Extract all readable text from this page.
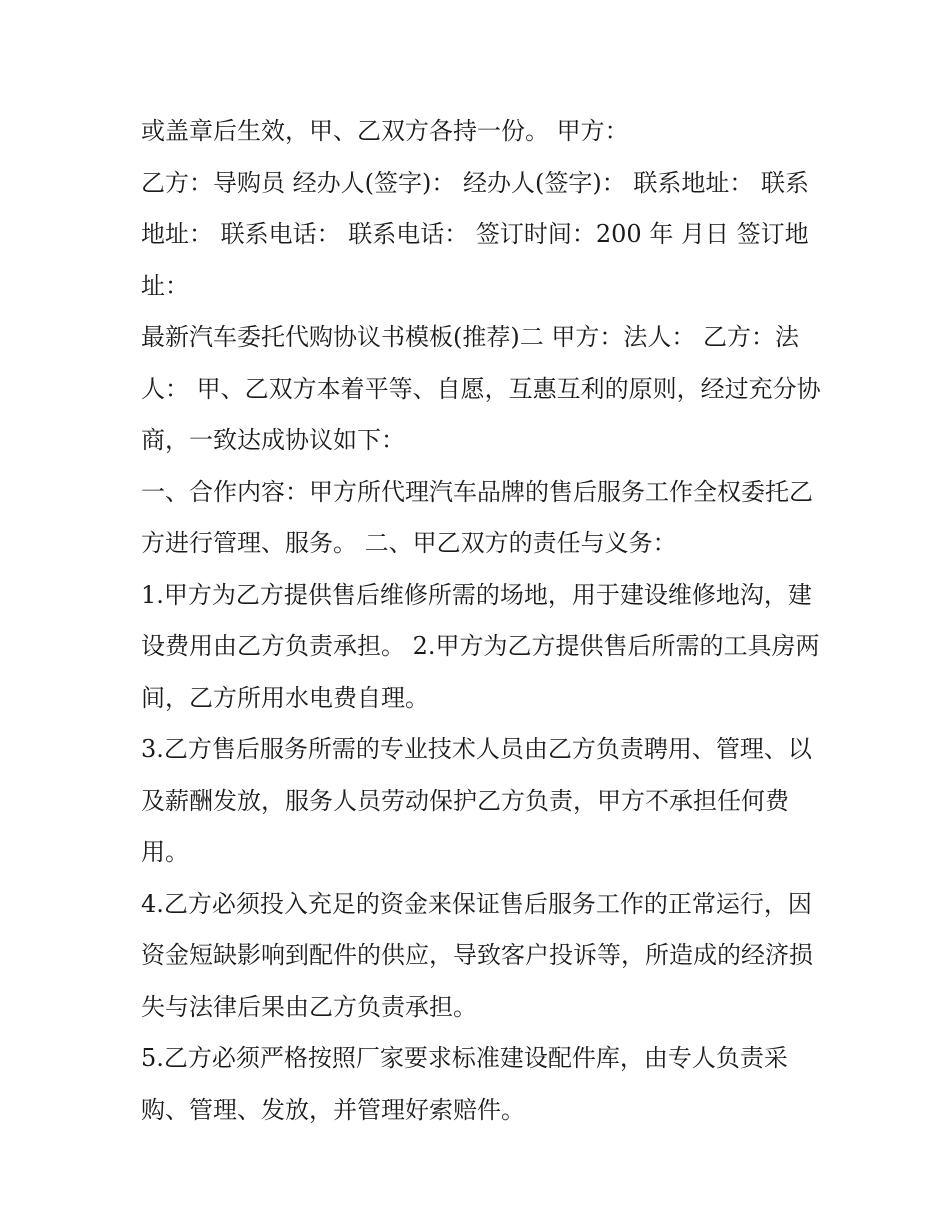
或盖章后生效，甲、乙双方各持一份。 甲方：

乙方：导购员 经办人(签字)： 经办人(签字)： 联系地址： 联系地址： 联系电话： 联系电话： 签订时间：200 年 月日 签订地址：

最新汽车委托代购协议书模板(推荐)二 甲方：法人： 乙方：法人： 甲、乙双方本着平等、自愿，互惠互利的原则，经过充分协商，一致达成协议如下：

一、合作内容：甲方所代理汽车品牌的售后服务工作全权委托乙方进行管理、服务。 二、甲乙双方的责任与义务：

1.甲方为乙方提供售后维修所需的场地，用于建设维修地沟，建设费用由乙方负责承担。 2.甲方为乙方提供售后所需的工具房两间，乙方所用水电费自理。

3.乙方售后服务所需的专业技术人员由乙方负责聘用、管理、以及薪酬发放，服务人员劳动保护乙方负责，甲方不承担任何费用。

4.乙方必须投入充足的资金来保证售后服务工作的正常运行，因资金短缺影响到配件的供应，导致客户投诉等，所造成的经济损失与法律后果由乙方负责承担。

5.乙方必须严格按照厂家要求标准建设配件库，由专人负责采购、管理、发放，并管理好索赔件。
